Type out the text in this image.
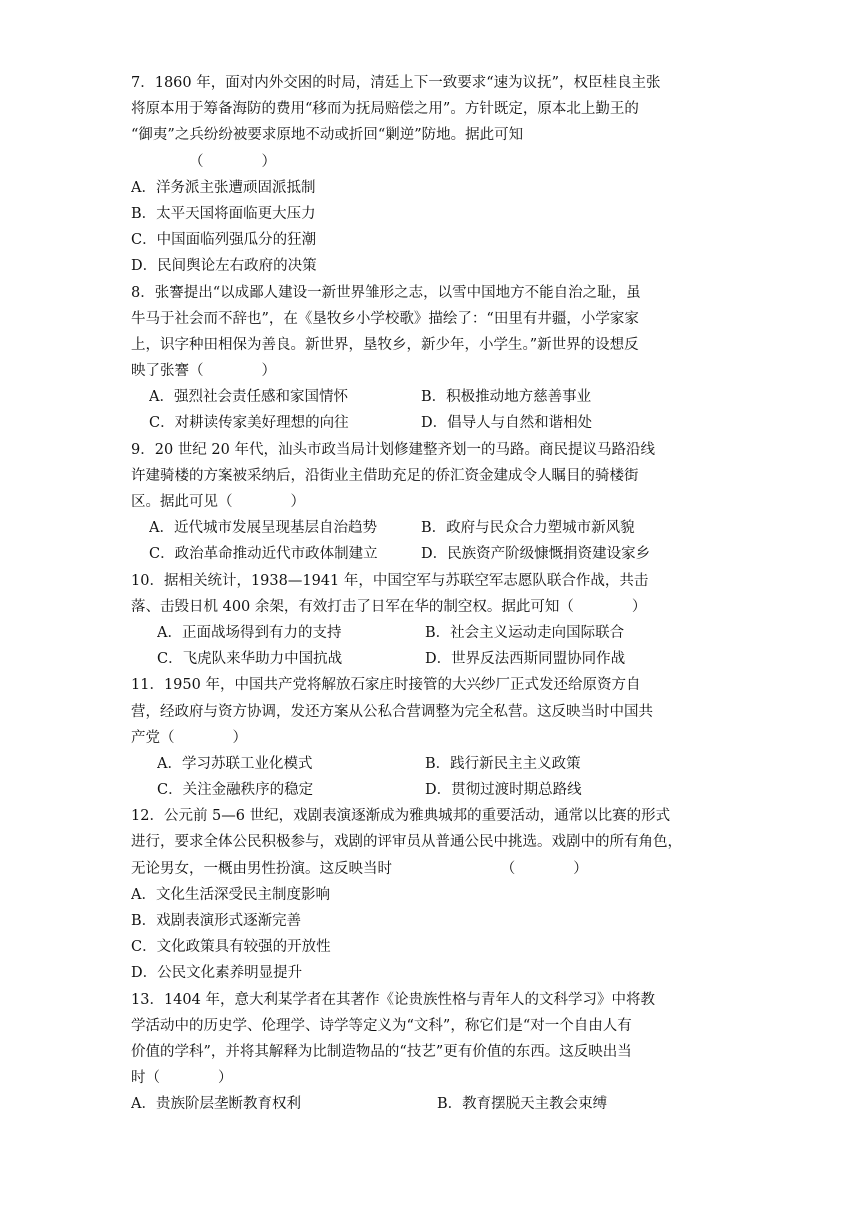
7．1860 年，面对内外交困的时局，清廷上下一致要求“速为议抚”，权臣桂良主张
将原本用于筹备海防的费用“移而为抚局赔偿之用”。方针既定，原本北上勤王的
“御夷”之兵纷纷被要求原地不动或折回“剿逆”防地。据此可知
（　　　　）
A．洋务派主张遭顽固派抵制
B．太平天国将面临更大压力
C．中国面临列强瓜分的狂潮
D．民间舆论左右政府的决策
8．张謇提出“以成鄙人建设一新世界雏形之志，以雪中国地方不能自治之耻，虽
牛马于社会而不辞也”，在《垦牧乡小学校歌》描绘了：“田里有井疆，小学家家
上，识字种田相保为善良。新世界，垦牧乡，新少年，小学生。”新世界的设想反
映了张謇（　　　　）
A．强烈社会责任感和家国情怀	B．积极推动地方慈善事业
C．对耕读传家美好理想的向往	D．倡导人与自然和谐相处
9．20 世纪 20 年代，汕头市政当局计划修建整齐划一的马路。商民提议马路沿线
许建骑楼的方案被采纳后，沿街业主借助充足的侨汇资金建成令人瞩目的骑楼街
区。据此可见（　　　　）
A．近代城市发展呈现基层自治趋势	B．政府与民众合力塑城市新风貌
C．政治革命推动近代市政体制建立	D．民族资产阶级慷慨捐资建设家乡
10．据相关统计，1938—1941 年，中国空军与苏联空军志愿队联合作战，共击
落、击毁日机 400 余架，有效打击了日军在华的制空权。据此可知（　　　　）
A．正面战场得到有力的支持	B．社会主义运动走向国际联合
C．飞虎队来华助力中国抗战	D．世界反法西斯同盟协同作战
11．1950 年，中国共产党将解放石家庄时接管的大兴纱厂正式发还给原资方自
营，经政府与资方协调，发还方案从公私合营调整为完全私营。这反映当时中国共
产党（　　　　）
A．学习苏联工业化模式	B．践行新民主主义政策
C．关注金融秩序的稳定	D．贯彻过渡时期总路线
12．公元前 5—6 世纪，戏剧表演逐渐成为雅典城邦的重要活动，通常以比赛的形式
进行，要求全体公民积极参与，戏剧的评审员从普通公民中挑选。戏剧中的所有角色，
无论男女，一概由男性扮演。这反映当时　　　　　　　　（　　　　）
A．文化生活深受民主制度影响
B．戏剧表演形式逐渐完善
C．文化政策具有较强的开放性
D．公民文化素养明显提升
13．1404 年，意大利某学者在其著作《论贵族性格与青年人的文科学习》中将教
学活动中的历史学、伦理学、诗学等定义为“文科”，称它们是“对一个自由人有
价值的学科”，并将其解释为比制造物品的“技艺”更有价值的东西。这反映出当
时（　　　　）
A．贵族阶层垄断教育权利	B．教育摆脱天主教会束缚
